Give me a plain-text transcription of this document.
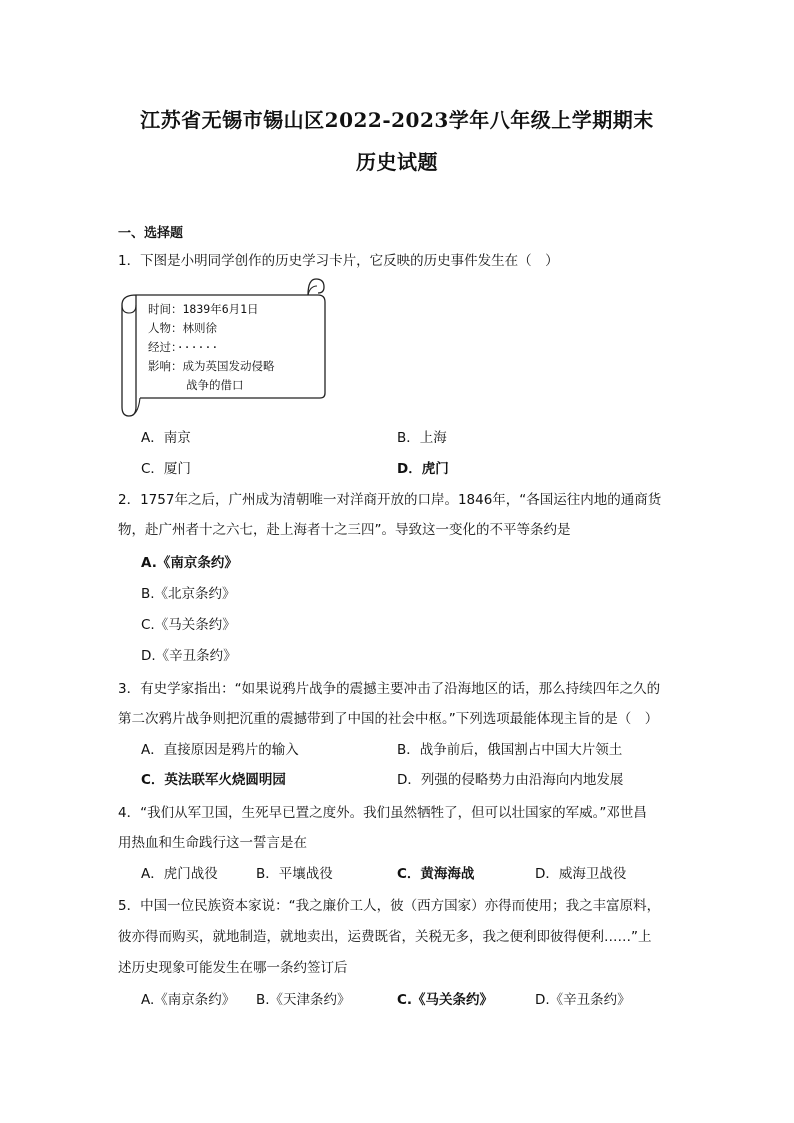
江苏省无锡市锡山区2022-2023学年八年级上学期期末
历史试题
一、选择题
1．下图是小明同学创作的历史学习卡片，它反映的历史事件发生在（　）
时间：1839年6月1日
人物：林则徐
经过：······
影响：成为英国发动侵略
战争的借口
A．南京	B．上海
C．厦门	D．虎门
2．1757年之后，广州成为清朝唯一对洋商开放的口岸。1846年，“各国运往内地的通商货
物，赴广州者十之六七，赴上海者十之三四”。导致这一变化的不平等条约是
A.《南京条约》
B.《北京条约》
C.《马关条约》
D.《辛丑条约》
3．有史学家指出：“如果说鸦片战争的震撼主要冲击了沿海地区的话，那么持续四年之久的
第二次鸦片战争则把沉重的震撼带到了中国的社会中枢。”下列选项最能体现主旨的是（　）
A．直接原因是鸦片的输入	B．战争前后，俄国割占中国大片领土
C．英法联军火烧圆明园	D．列强的侵略势力由沿海向内地发展
4．“我们从军卫国，生死早已置之度外。我们虽然牺牲了，但可以壮国家的军威。”邓世昌
用热血和生命践行这一誓言是在
A．虎门战役	B．平壤战役	C．黄海海战	D．威海卫战役
5．中国一位民族资本家说：“我之廉价工人，彼（西方国家）亦得而使用；我之丰富原料，
彼亦得而购买，就地制造，就地卖出，运费既省，关税无多，我之便利即彼得便利……”上
述历史现象可能发生在哪一条约签订后
A.《南京条约》 B.《天津条约》	C.《马关条约》	D.《辛丑条约》
